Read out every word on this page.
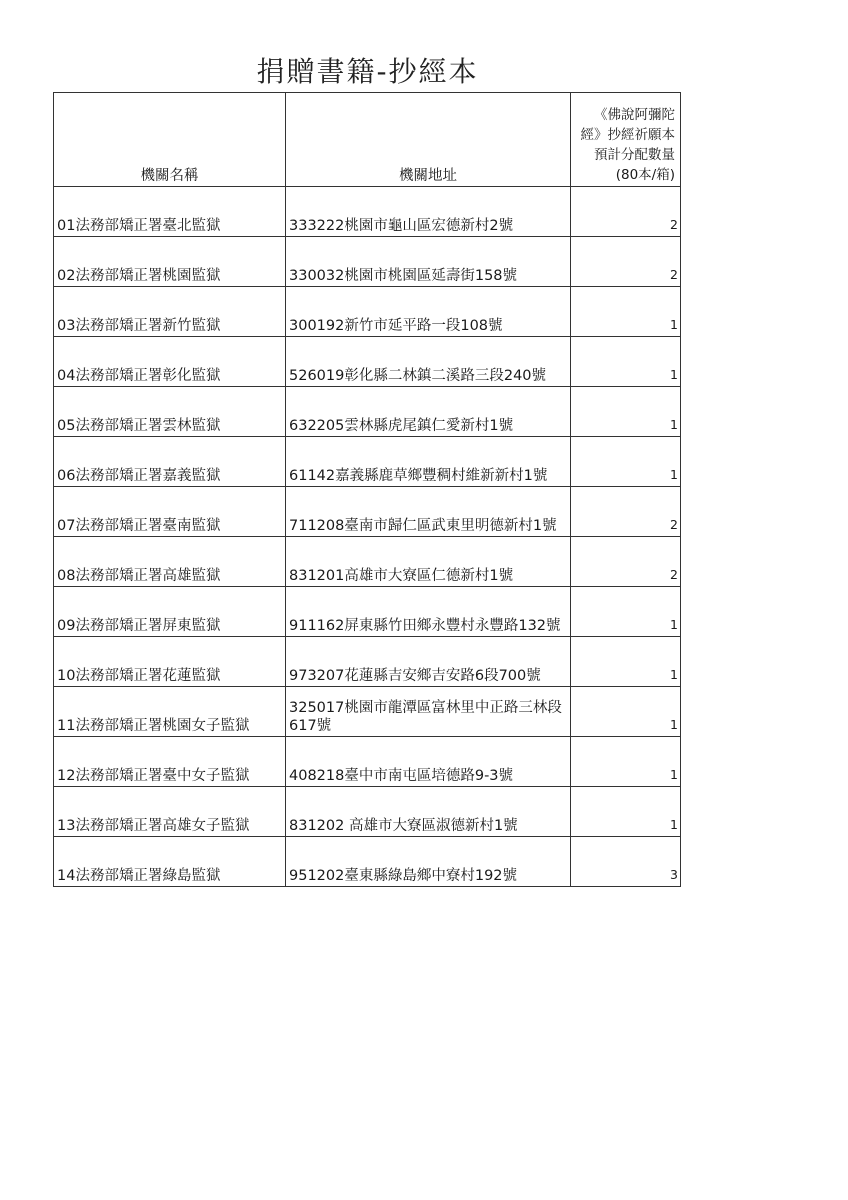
捐贈書籍-抄經本
機關名稱	機關地址	《佛說阿彌陀經》抄經祈願本預計分配數量(80本/箱)
01法務部矯正署臺北監獄	333222桃園市龜山區宏德新村2號	2
02法務部矯正署桃園監獄	330032桃園市桃園區延壽街158號	2
03法務部矯正署新竹監獄	300192新竹市延平路一段108號	1
04法務部矯正署彰化監獄	526019彰化縣二林鎮二溪路三段240號	1
05法務部矯正署雲林監獄	632205雲林縣虎尾鎮仁愛新村1號	1
06法務部矯正署嘉義監獄	61142嘉義縣鹿草鄉豐稠村維新新村1號	1
07法務部矯正署臺南監獄	711208臺南市歸仁區武東里明德新村1號	2
08法務部矯正署高雄監獄	831201高雄市大寮區仁德新村1號	2
09法務部矯正署屏東監獄	911162屏東縣竹田鄉永豐村永豐路132號	1
10法務部矯正署花蓮監獄	973207花蓮縣吉安鄉吉安路6段700號	1
11法務部矯正署桃園女子監獄	325017桃園市龍潭區富林里中正路三林段617號	1
12法務部矯正署臺中女子監獄	408218臺中市南屯區培德路9-3號	1
13法務部矯正署高雄女子監獄	831202 高雄市大寮區淑德新村1號	1
14法務部矯正署綠島監獄	951202臺東縣綠島鄉中寮村192號	3
